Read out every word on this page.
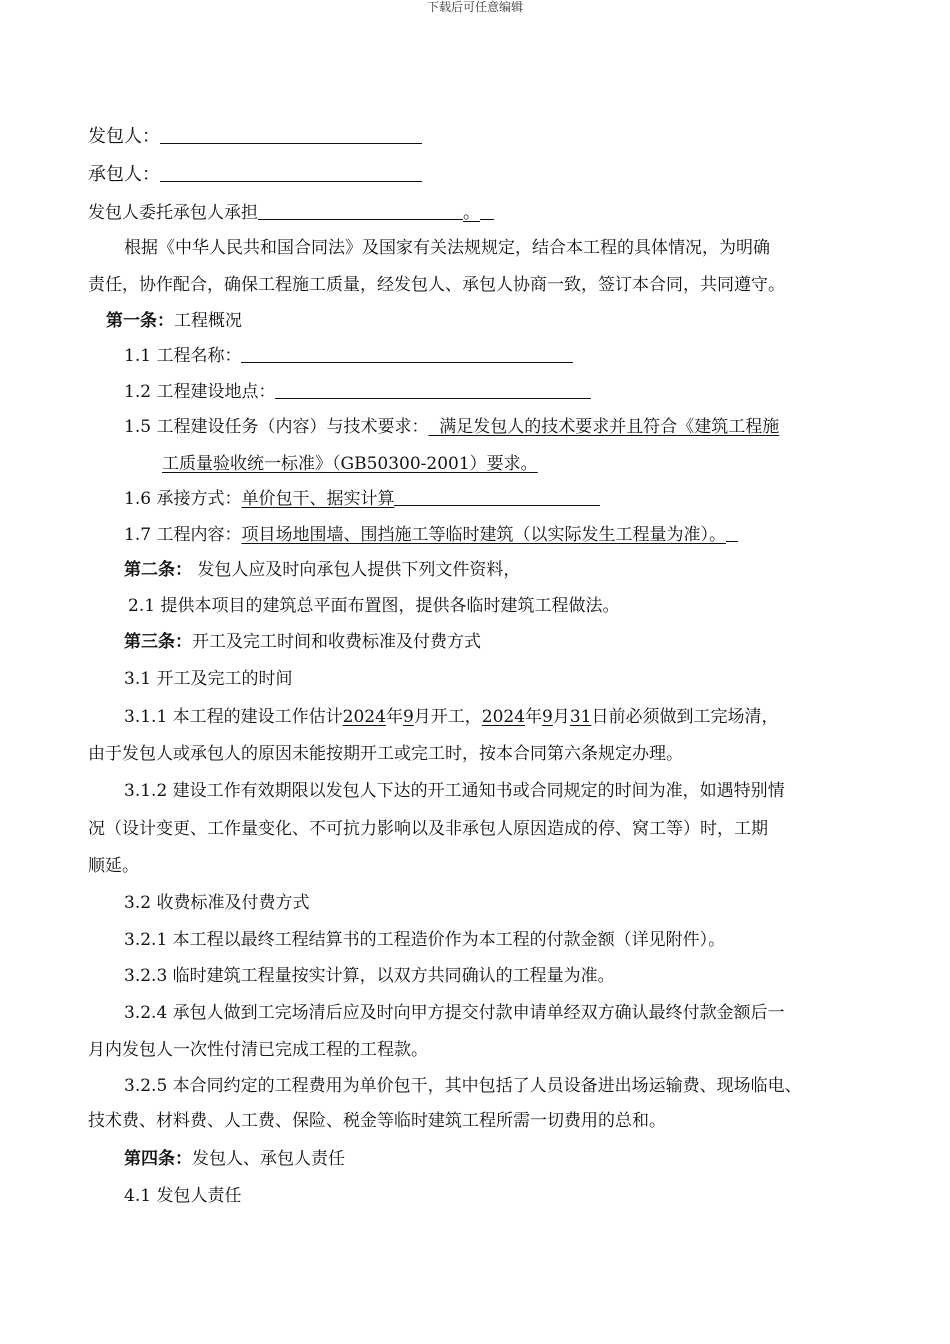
下载后可任意编辑
发包人：
承包人：
发包人委托承包人承担	。
根据《中华人民共和国合同法》及国家有关法规规定，结合本工程的具体情况，为明确
责任，协作配合，确保工程施工质量，经发包人、承包人协商一致，签订本合同，共同遵守。
第一条：工程概况
1.1 工程名称：
1.2 工程建设地点：
1.5 工程建设任务（内容）与技术要求：  满足发包人的技术要求并且符合《建筑工程施
工质量验收统一标准》（GB50300-2001）要求。
1.6 承接方式：单价包干、据实计算
1.7 工程内容：项目场地围墙、围挡施工等临时建筑（以实际发生工程量为准）。
第二条： 发包人应及时向承包人提供下列文件资料，
2.1 提供本项目的建筑总平面布置图，提供各临时建筑工程做法。
第三条：开工及完工时间和收费标准及付费方式
3.1 开工及完工的时间
3.1.1 本工程的建设工作估计2024年9月开工，2024年9月31日前必须做到工完场清，
由于发包人或承包人的原因未能按期开工或完工时，按本合同第六条规定办理。
3.1.2 建设工作有效期限以发包人下达的开工通知书或合同规定的时间为准，如遇特别情
况（设计变更、工作量变化、不可抗力影响以及非承包人原因造成的停、窝工等）时，工期
顺延。
3.2 收费标准及付费方式
3.2.1 本工程以最终工程结算书的工程造价作为本工程的付款金额（详见附件）。
3.2.3 临时建筑工程量按实计算，以双方共同确认的工程量为准。
3.2.4 承包人做到工完场清后应及时向甲方提交付款申请单经双方确认最终付款金额后一
月内发包人一次性付清已完成工程的工程款。
3.2.5 本合同约定的工程费用为单价包干，其中包括了人员设备进出场运输费、现场临电、
技术费、材料费、人工费、保险、税金等临时建筑工程所需一切费用的总和。
第四条：发包人、承包人责任
4.1 发包人责任
